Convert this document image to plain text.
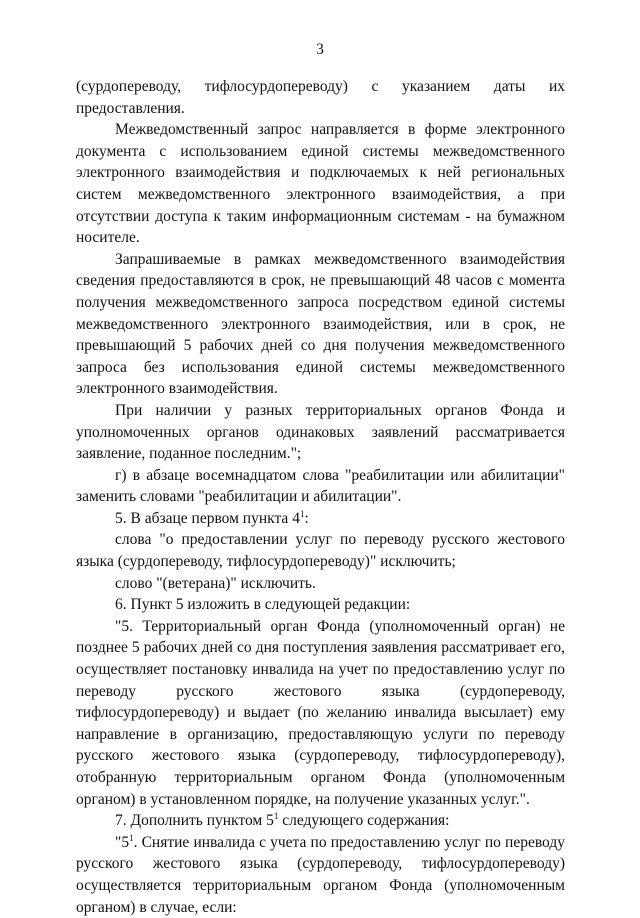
3

(сурдопереводу, тифлосурдопереводу) с указанием даты их предоставления.

Межведомственный запрос направляется в форме электронного документа с использованием единой системы межведомственного электронного взаимодействия и подключаемых к ней региональных систем межведомственного электронного взаимодействия, а при отсутствии доступа к таким информационным системам - на бумажном носителе.

Запрашиваемые в рамках межведомственного взаимодействия сведения предоставляются в срок, не превышающий 48 часов с момента получения межведомственного запроса посредством единой системы межведомственного электронного взаимодействия, или в срок, не превышающий 5 рабочих дней со дня получения межведомственного запроса без использования единой системы межведомственного электронного взаимодействия.

При наличии у разных территориальных органов Фонда и уполномоченных органов одинаковых заявлений рассматривается заявление, поданное последним.";

г) в абзаце восемнадцатом слова "реабилитации или абилитации" заменить словами "реабилитации и абилитации".

5. В абзаце первом пункта $4^1$:

слова "о предоставлении услуг по переводу русского жестового языка (сурдопереводу, тифлосурдопереводу)" исключить;

слово "(ветерана)" исключить.

6. Пункт 5 изложить в следующей редакции:

"5. Территориальный орган Фонда (уполномоченный орган) не позднее 5 рабочих дней со дня поступления заявления рассматривает его, осуществляет постановку инвалида на учет по предоставлению услуг по переводу русского жестового языка (сурдопереводу, тифлосурдопереводу) и выдает (по желанию инвалида высылает) ему направление в организацию, предоставляющую услуги по переводу русского жестового языка (сурдопереводу, тифлосурдопереводу), отобранную территориальным органом Фонда (уполномоченным органом) в установленном порядке, на получение указанных услуг.".

7. Дополнить пунктом $5^1$ следующего содержания:

"$5^1$. Снятие инвалида с учета по предоставлению услуг по переводу русского жестового языка (сурдопереводу, тифлосурдопереводу) осуществляется территориальным органом Фонда (уполномоченным органом) в случае, если:
